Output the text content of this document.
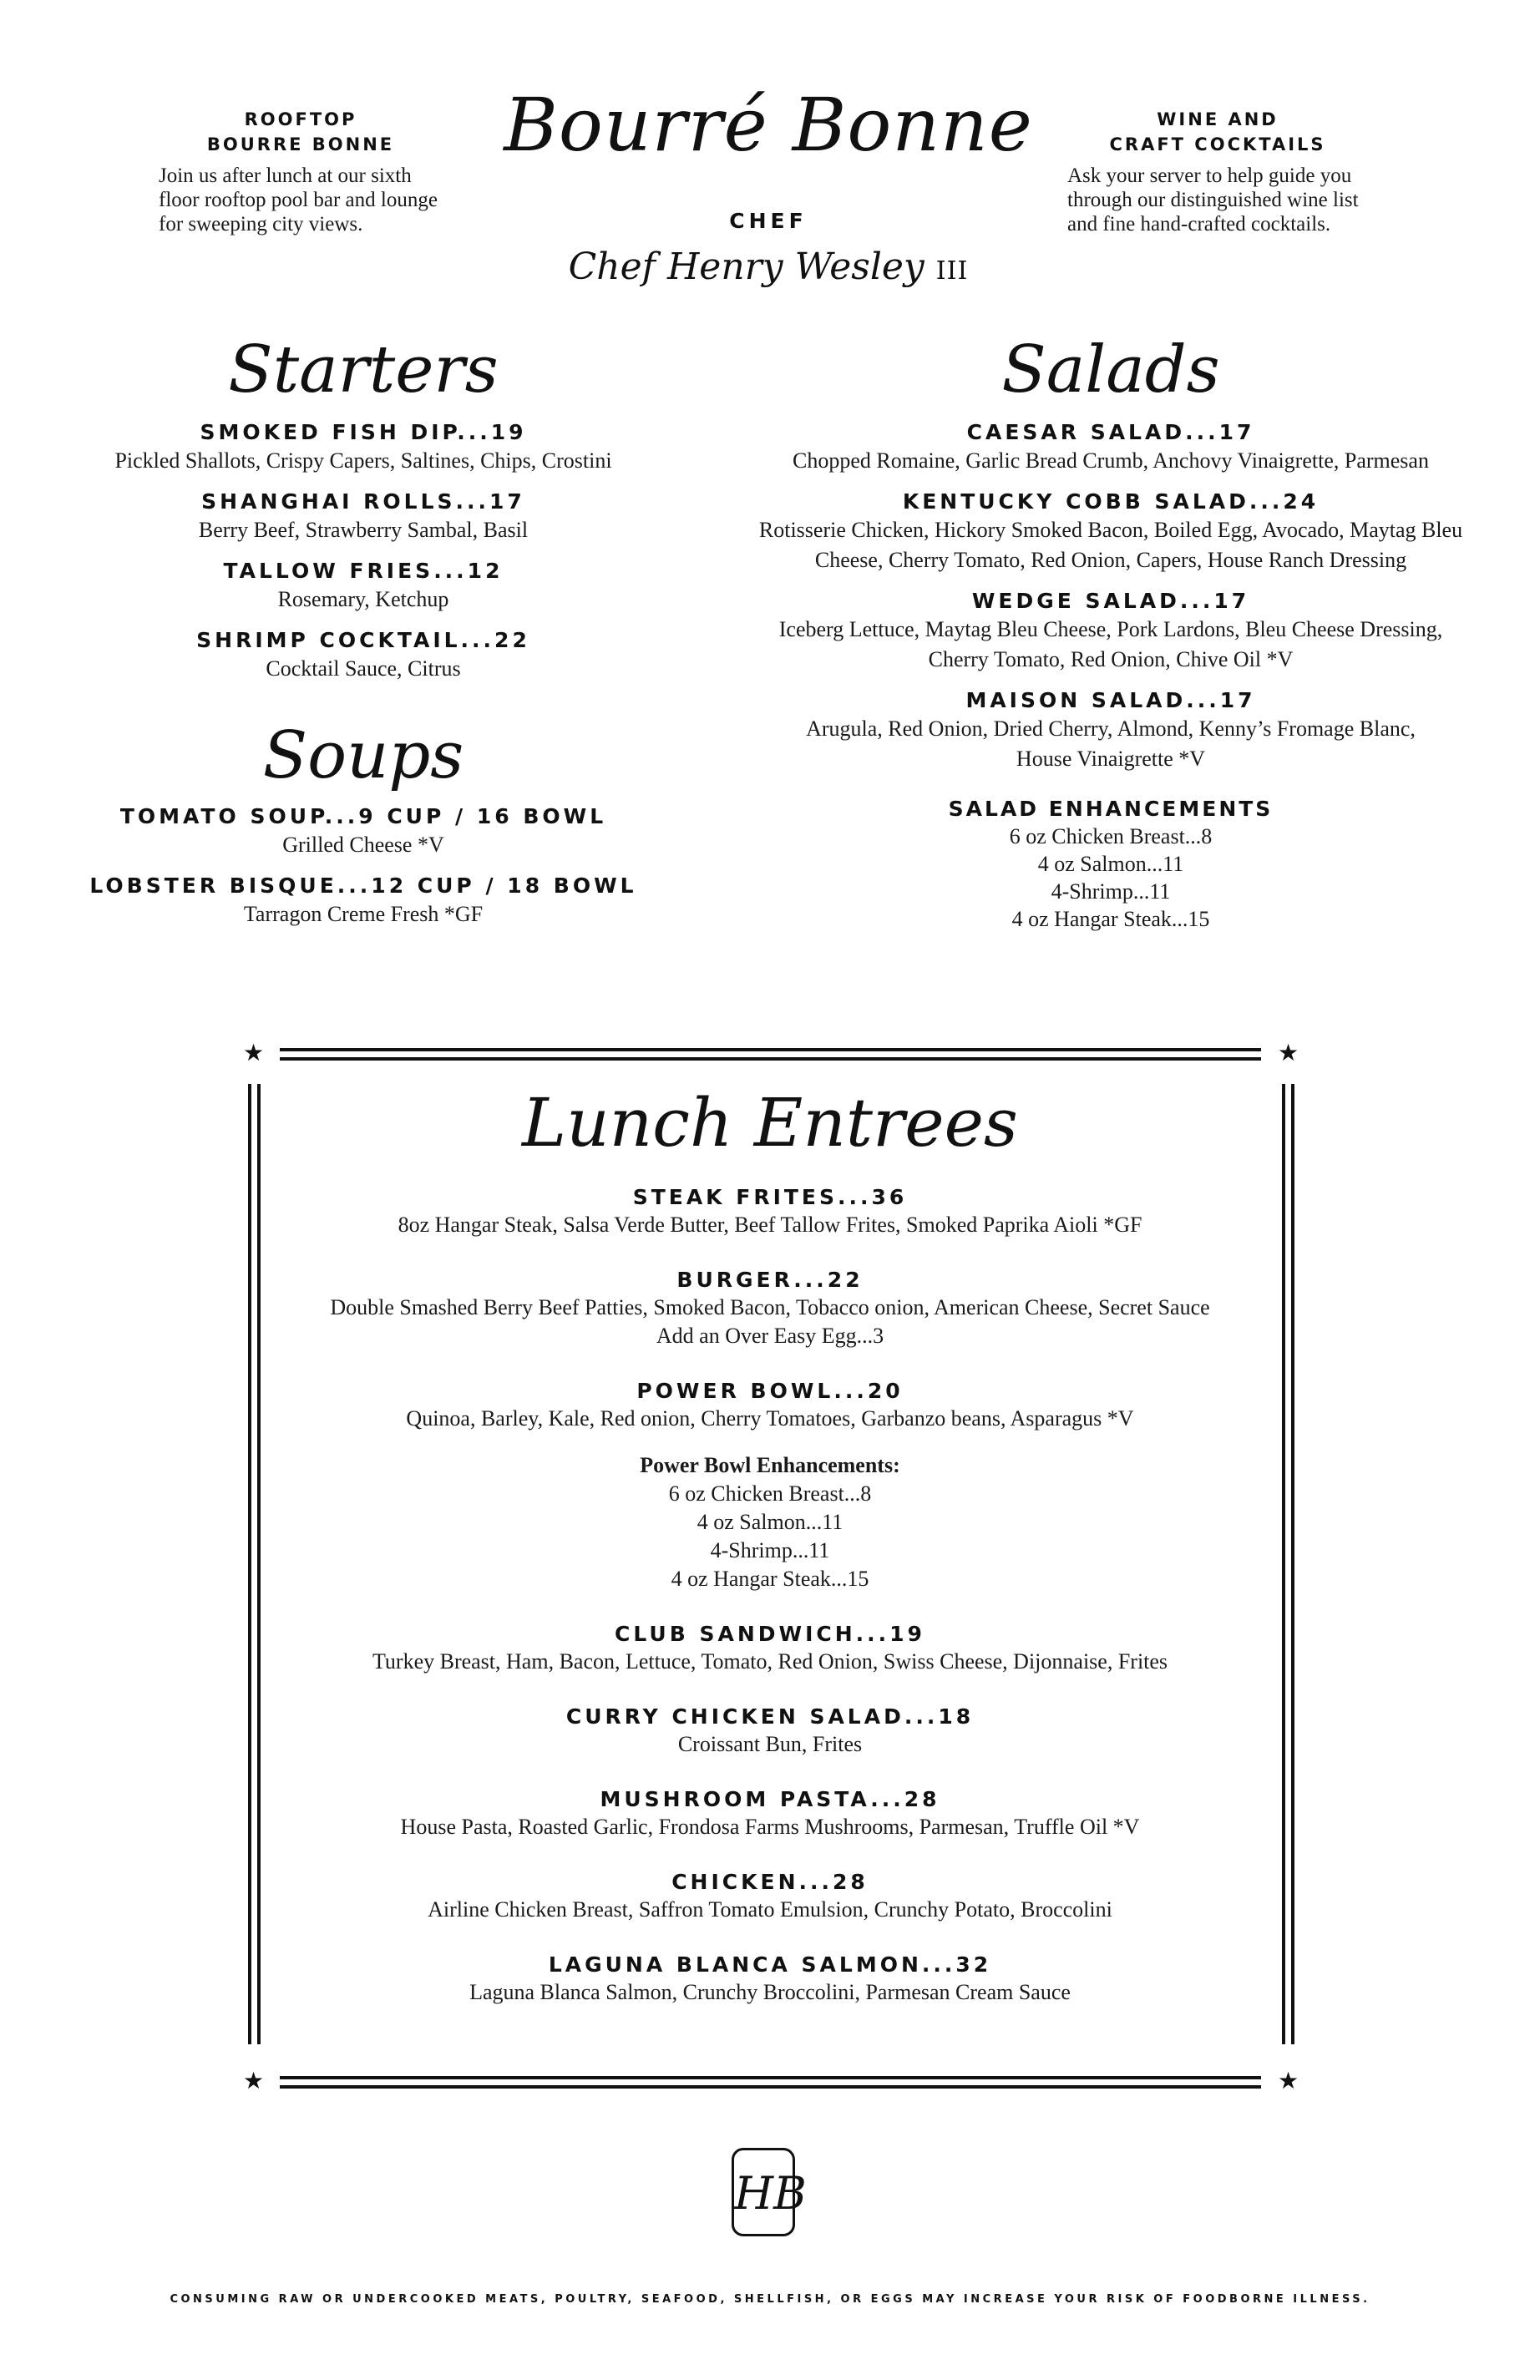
ROOFTOP
BOURRE BONNE
Join us after lunch at our sixth
floor rooftop pool bar and lounge
for sweeping city views.
Bourré Bonne
CHEF
Chef Henry Wesley III
WINE AND
CRAFT COCKTAILS
Ask your server to help guide you
through our distinguished wine list
and fine hand-crafted cocktails.
Starters
SMOKED FISH DIP...19
Pickled Shallots, Crispy Capers, Saltines, Chips, Crostini
SHANGHAI ROLLS...17
Berry Beef, Strawberry Sambal, Basil
TALLOW FRIES...12
Rosemary, Ketchup
SHRIMP COCKTAIL...22
Cocktail Sauce, Citrus
Soups
TOMATO SOUP...9 CUP / 16 BOWL
Grilled Cheese *V
LOBSTER BISQUE...12 CUP / 18 BOWL
Tarragon Creme Fresh *GF
Salads
CAESAR SALAD...17
Chopped Romaine, Garlic Bread Crumb, Anchovy Vinaigrette, Parmesan
KENTUCKY COBB SALAD...24
Rotisserie Chicken, Hickory Smoked Bacon, Boiled Egg, Avocado, Maytag Bleu
Cheese, Cherry Tomato, Red Onion, Capers, House Ranch Dressing
WEDGE SALAD...17
Iceberg Lettuce, Maytag Bleu Cheese, Pork Lardons, Bleu Cheese Dressing,
Cherry Tomato, Red Onion, Chive Oil *V
MAISON SALAD...17
Arugula, Red Onion, Dried Cherry, Almond, Kenny’s Fromage Blanc,
House Vinaigrette *V
SALAD ENHANCEMENTS
6 oz Chicken Breast...8
4 oz Salmon...11
4-Shrimp...11
4 oz Hangar Steak...15
★	★
★	★
Lunch Entrees
STEAK FRITES...36
8oz Hangar Steak, Salsa Verde Butter, Beef Tallow Frites, Smoked Paprika Aioli *GF
BURGER...22
Double Smashed Berry Beef Patties, Smoked Bacon, Tobacco onion, American Cheese, Secret Sauce
Add an Over Easy Egg...3
POWER BOWL...20
Quinoa, Barley, Kale, Red onion, Cherry Tomatoes, Garbanzo beans, Asparagus *V
Power Bowl Enhancements:
6 oz Chicken Breast...8
4 oz Salmon...11
4-Shrimp...11
4 oz Hangar Steak...15
CLUB SANDWICH...19
Turkey Breast, Ham, Bacon, Lettuce, Tomato, Red Onion, Swiss Cheese, Dijonnaise, Frites
CURRY CHICKEN SALAD...18
Croissant Bun, Frites
MUSHROOM PASTA...28
House Pasta, Roasted Garlic, Frondosa Farms Mushrooms, Parmesan, Truffle Oil *V
CHICKEN...28
Airline Chicken Breast, Saffron Tomato Emulsion, Crunchy Potato, Broccolini
LAGUNA BLANCA SALMON...32
Laguna Blanca Salmon, Crunchy Broccolini, Parmesan Cream Sauce
HB
CONSUMING RAW OR UNDERCOOKED MEATS, POULTRY, SEAFOOD, SHELLFISH, OR EGGS MAY INCREASE YOUR RISK OF FOODBORNE ILLNESS.
